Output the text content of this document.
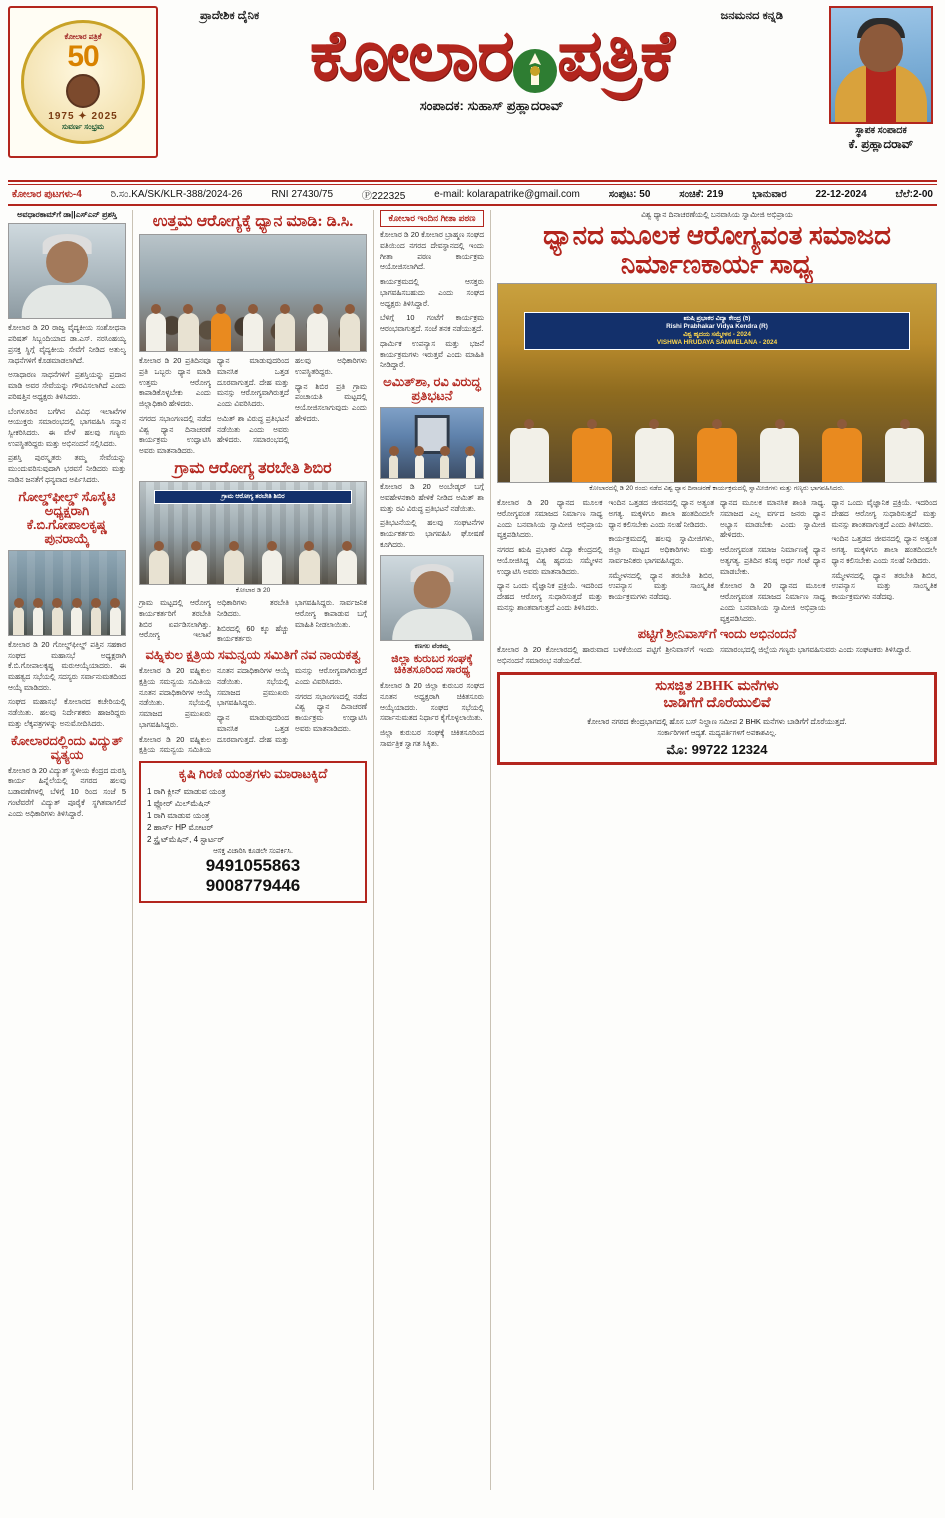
ಕೋಲಾರ ಪತ್ರಿಕೆ
50
1975 ✦ 2025
ಸುವರ್ಣ ಸಂಭ್ರಮ
ಪ್ರಾದೇಶಿಕ ದೈನಿಕ	ಜನಮನದ ಕನ್ನಡಿ
ಕೋಲಾರ ಪತ್ರಿಕೆ
ಸಂಪಾದಕ: ಸುಹಾಸ್ ಪ್ರಹ್ಲಾದರಾವ್
ಸ್ಥಾಪಕ ಸಂಪಾದಕ
ಕೆ. ಪ್ರಹ್ಲಾದರಾವ್
ಕೋಲಾರ ಪುಟಗಳು-4	ರಿ.ಸಂ.KA/SK/KLR-388/2024-26	RNI 27430/75	Ⓟ222325	e-mail: kolarapatrike@gmail.com	ಸಂಪುಟ: 50	ಸಂಚಿಕೆ: 219	ಭಾನುವಾರ	22-12-2024	ಬೆಲೆ:2-00
ಅವಧಾರಕಾಮ್‌ಗೆ ಡಾ||ಎಸ್‌ಎನ್ ಪ್ರಶಸ್ತಿ

ಕೋಲಾರ ಡಿ 20 ರಾಜ್ಯ ವೈದ್ಯಕೀಯ ಸಂಶೋಧನಾ ಪರಿಷತ್ ಸಿಬ್ಬಂದಿಯಾದ ಡಾ.ಎಸ್. ನರಸಿಂಹಯ್ಯ ಪ್ರಸಕ್ತ ಸ್ಥಿಗ್ಗೆ ವೈದ್ಯಕೀಯ ಸೇವೆಗೆ ನೀಡಿದ ಅತುಲ್ಯ ಸಾಧನೆಗಳಿಗೆ ಕೊಡಮಾಡಲಾಗಿದೆ.

ಅಸಾಧಾರಣ ಸಾಧನೆಗಳಿಗೆ ಪ್ರಶಸ್ತಿಯನ್ನು ಪ್ರದಾನ ಮಾಡಿ ಅವರ ಸೇವೆಯನ್ನು ಗೌರವಿಸಲಾಗಿದೆ ಎಂದು ಪರಿಷತ್ತಿನ ಅಧ್ಯಕ್ಷರು ತಿಳಿಸಿದರು.

ಬೆಂಗಳೂರಿನ ಬಗೆಗಿನ ವಿವಿಧ ಇಲಾಖೆಗಳ ಆಯುಕ್ತರು ಸಮಾರಂಭದಲ್ಲಿ ಭಾಗವಹಿಸಿ ಸನ್ಮಾನ ಸ್ವೀಕರಿಸಿದರು. ಈ ವೇಳೆ ಹಲವು ಗಣ್ಯರು ಉಪಸ್ಥಿತರಿದ್ದರು ಮತ್ತು ಅಭಿನಂದನೆ ಸಲ್ಲಿಸಿದರು.

ಪ್ರಶಸ್ತಿ ಪುರಸ್ಕೃತರು ತಮ್ಮ ಸೇವೆಯನ್ನು ಮುಂದುವರಿಸುವುದಾಗಿ ಭರವಸೆ ನೀಡಿದರು ಮತ್ತು ನಾಡಿನ ಜನತೆಗೆ ಧನ್ಯವಾದ ಅರ್ಪಿಸಿದರು.

ಗೋಲ್ಡ್‌ಫೀಲ್ಡ್ ಸೊಸೈಟಿ ಅಧ್ಯಕ್ಷರಾಗಿ ಕೆ.ಬಿ.ಗೋಪಾಲಕೃಷ್ಣ ಪುನರಾಯ್ಕೆ

ಕೋಲಾರ ಡಿ 20 ಗೋಲ್ಡ್‌ಫೀಲ್ಡ್ ಪತ್ತಿನ ಸಹಕಾರ ಸಂಘದ ಮಹಾಸಭೆ ಅಧ್ಯಕ್ಷರಾಗಿ ಕೆ.ಬಿ.ಗೋಪಾಲಕೃಷ್ಣ ಮರುಆಯ್ಕೆಯಾದರು. ಈ ಮಹತ್ವದ ಸಭೆಯಲ್ಲಿ ಸದಸ್ಯರು ಸರ್ವಾನುಮತದಿಂದ ಆಯ್ಕೆ ಮಾಡಿದರು.

ಸಂಘದ ಮಹಾಸಭೆ ಕೋಲಾರದ ಕಚೇರಿಯಲ್ಲಿ ನಡೆಯಿತು. ಹಲವು ನಿರ್ದೇಶಕರು ಹಾಜರಿದ್ದರು ಮತ್ತು ಲೆಕ್ಕಪತ್ರಗಳನ್ನು ಅನುಮೋದಿಸಿದರು.

ಕೋಲಾರದಲ್ಲಿಂದು ವಿದ್ಯುತ್ ವ್ಯತ್ಯಯ

ಕೋಲಾರ ಡಿ 20 ವಿದ್ಯುತ್ ಸ್ಥಳೀಯ ಕೆಂದ್ರದ ದುರಸ್ತಿ ಕಾರ್ಯ ಹಿನ್ನೆಲೆಯಲ್ಲಿ ನಗರದ ಹಲವು ಬಡಾವಣೆಗಳಲ್ಲಿ ಬೆಳಿಗ್ಗೆ 10 ರಿಂದ ಸಂಜೆ 5 ಗಂಟೆವರೆಗೆ ವಿದ್ಯುತ್ ಪೂರೈಕೆ ಸ್ಥಗಿತವಾಗಲಿದೆ ಎಂದು ಅಧಿಕಾರಿಗಳು ತಿಳಿಸಿದ್ದಾರೆ.

ಉತ್ತಮ ಆರೋಗ್ಯಕ್ಕೆ ಧ್ಯಾನ ಮಾಡಿ: ಡಿ.ಸಿ.

ಕೋಲಾರ ಡಿ 20 ಪ್ರತಿದಿನವೂ ಪ್ರತಿ ಒಬ್ಬರು ಧ್ಯಾನ ಮಾಡಿ ಉತ್ತಮ ಆರೋಗ್ಯ ಕಾಪಾಡಿಕೊಳ್ಳಬೇಕು ಎಂದು ಜಿಲ್ಲಾಧಿಕಾರಿ ಹೇಳಿದರು.

ನಗರದ ಸಭಾಂಗಣದಲ್ಲಿ ನಡೆದ ವಿಶ್ವ ಧ್ಯಾನ ದಿನಾಚರಣೆ ಕಾರ್ಯಕ್ರಮ ಉದ್ಘಾಟಿಸಿ ಅವರು ಮಾತನಾಡಿದರು.

ಧ್ಯಾನ ಮಾಡುವುದರಿಂದ ಮಾನಸಿಕ ಒತ್ತಡ ದೂರವಾಗುತ್ತದೆ. ದೇಹ ಮತ್ತು ಮನಸ್ಸು ಆರೋಗ್ಯವಾಗಿರುತ್ತದೆ ಎಂದು ವಿವರಿಸಿದರು.

ಅಮಿತ್ ಶಾ ವಿರುದ್ಧ ಪ್ರತಿಭಟನೆ ನಡೆಯಿತು ಎಂದು ಅವರು ಹೇಳಿದರು. ಸಮಾರಂಭದಲ್ಲಿ ಹಲವು ಅಧಿಕಾರಿಗಳು ಉಪಸ್ಥಿತರಿದ್ದರು.

ಧ್ಯಾನ ಶಿಬಿರ ಪ್ರತಿ ಗ್ರಾಮ ಪಂಚಾಯತಿ ಮಟ್ಟದಲ್ಲಿ ಆಯೋಜಿಸಲಾಗುವುದು ಎಂದು ಹೇಳಿದರು.

ಗ್ರಾಮ ಆರೋಗ್ಯ ತರಬೇತಿ ಶಿಬಿರ
ಗ್ರಾಮ ಆರೋಗ್ಯ ತರಬೇತಿ ಶಿಬಿರ
ಕೋಲಾರ ಡಿ 20

ಗ್ರಾಮ ಮಟ್ಟದಲ್ಲಿ ಆರೋಗ್ಯ ಕಾರ್ಯಕರ್ತರಿಗೆ ತರಬೇತಿ ಶಿಬಿರ ಏರ್ಪಡಿಸಲಾಗಿತ್ತು. ಆರೋಗ್ಯ ಇಲಾಖೆ ಅಧಿಕಾರಿಗಳು ತರಬೇತಿ ನೀಡಿದರು.

ಶಿಬಿರದಲ್ಲಿ 60 ಕ್ಕೂ ಹೆಚ್ಚು ಕಾರ್ಯಕರ್ತರು ಭಾಗವಹಿಸಿದ್ದರು. ಸಾರ್ವಜನಿಕ ಆರೋಗ್ಯ ಕಾಪಾಡುವ ಬಗ್ಗೆ ಮಾಹಿತಿ ನೀಡಲಾಯಿತು.

ವಹ್ನಿಕುಲ ಕ್ಷತ್ರಿಯ ಸಮನ್ವಯ ಸಮಿತಿಗೆ ನವ ನಾಯಕತ್ವ

ಕೋಲಾರ ಡಿ 20 ವಹ್ನಿಕುಲ ಕ್ಷತ್ರಿಯ ಸಮನ್ವಯ ಸಮಿತಿಯ ನೂತನ ಪದಾಧಿಕಾರಿಗಳ ಆಯ್ಕೆ ನಡೆಯಿತು. ಸಭೆಯಲ್ಲಿ ಸಮಾಜದ ಪ್ರಮುಖರು ಭಾಗವಹಿಸಿದ್ದರು.

ಕೋಲಾರ ಡಿ 20 ವಹ್ನಿಕುಲ ಕ್ಷತ್ರಿಯ ಸಮನ್ವಯ ಸಮಿತಿಯ ನೂತನ ಪದಾಧಿಕಾರಿಗಳ ಆಯ್ಕೆ ನಡೆಯಿತು. ಸಭೆಯಲ್ಲಿ ಸಮಾಜದ ಪ್ರಮುಖರು ಭಾಗವಹಿಸಿದ್ದರು.

ಧ್ಯಾನ ಮಾಡುವುದರಿಂದ ಮಾನಸಿಕ ಒತ್ತಡ ದೂರವಾಗುತ್ತದೆ. ದೇಹ ಮತ್ತು ಮನಸ್ಸು ಆರೋಗ್ಯವಾಗಿರುತ್ತದೆ ಎಂದು ವಿವರಿಸಿದರು.

ನಗರದ ಸಭಾಂಗಣದಲ್ಲಿ ನಡೆದ ವಿಶ್ವ ಧ್ಯಾನ ದಿನಾಚರಣೆ ಕಾರ್ಯಕ್ರಮ ಉದ್ಘಾಟಿಸಿ ಅವರು ಮಾತನಾಡಿದರು.

ಕೃಷಿ ಗಿರಣಿ ಯಂತ್ರಗಳು ಮಾರಾಟಕ್ಕಿದೆ
1 ರಾಗಿ ಕ್ಲೀನ್ ಮಾಡುವ ಯಂತ್ರ
1 ಫ್ಲೋರ್ ಮಿಲ್‌ಮೆಷಿನ್
1 ರಾಗಿ ಮಾಡುವ ಯಂತ್ರ
2 ಹಾರ್ಸ್ HP ಮೋಟರ್
2 ಸ್ಟ್ರೈಟ್‌ಮೆಷಿನ್, 4 ಸ್ಟಾರ್ಟರ್
ಆಸಕ್ತ ವಿಚಾರಿಸಿ ಕೂಡಲೇ ಸಂಪರ್ಕಿಸಿ.
9491055863
9008779446
ಕೋಲಾರ ಇಂದಿನ ಗೀತಾ ಪಠಣ

ಕೋಲಾರ ಡಿ 20 ಕೋಲಾರ ಬ್ರಾಹ್ಮಣ ಸಂಘದ ವತಿಯಿಂದ ನಗರದ ದೇವಸ್ಥಾನದಲ್ಲಿ ಇಂದು ಗೀತಾ ಪಠಣ ಕಾರ್ಯಕ್ರಮ ಆಯೋಜಿಸಲಾಗಿದೆ.

ಕಾರ್ಯಕ್ರಮದಲ್ಲಿ ಆಸಕ್ತರು ಭಾಗವಹಿಸಬಹುದು ಎಂದು ಸಂಘದ ಅಧ್ಯಕ್ಷರು ತಿಳಿಸಿದ್ದಾರೆ.

ಬೆಳಿಗ್ಗೆ 10 ಗಂಟೆಗೆ ಕಾರ್ಯಕ್ರಮ ಆರಂಭವಾಗುತ್ತದೆ. ಸಂಜೆ ತನಕ ನಡೆಯುತ್ತದೆ.

ಧಾರ್ಮಿಕ ಉಪನ್ಯಾಸ ಮತ್ತು ಭಜನೆ ಕಾರ್ಯಕ್ರಮಗಳು ಇರುತ್ತವೆ ಎಂದು ಮಾಹಿತಿ ನೀಡಿದ್ದಾರೆ.

ಅಮಿತ್‌ಶಾ, ರವಿ ವಿರುದ್ಧ ಪ್ರತಿಭಟನೆ

ಕೋಲಾರ ಡಿ 20 ಅಂಬೇಡ್ಕರ್ ಬಗ್ಗೆ ಅವಹೇಳನಕಾರಿ ಹೇಳಿಕೆ ನೀಡಿದ ಅಮಿತ್ ಶಾ ಮತ್ತು ರವಿ ವಿರುದ್ಧ ಪ್ರತಿಭಟನೆ ನಡೆಯಿತು.

ಪ್ರತಿಭಟನೆಯಲ್ಲಿ ಹಲವು ಸಂಘಟನೆಗಳ ಕಾರ್ಯಕರ್ತರು ಭಾಗವಹಿಸಿ ಘೋಷಣೆ ಕೂಗಿದರು.

ಕಣಗಲ ವೆಂಕಮ್ಮ
ಜಿಲ್ಲಾ ಕುರುಬರ ಸಂಘಕ್ಕೆ ಚಿಕಿತಸೂರಿಂದ ಸಾರಥ್ಯ

ಕೋಲಾರ ಡಿ 20 ಜಿಲ್ಲಾ ಕುರುಬರ ಸಂಘದ ನೂತನ ಅಧ್ಯಕ್ಷರಾಗಿ ಚಿಕಿತಸೂರು ಆಯ್ಕೆಯಾದರು. ಸಂಘದ ಸಭೆಯಲ್ಲಿ ಸರ್ವಾನುಮತದ ನಿರ್ಧಾರ ಕೈಗೊಳ್ಳಲಾಯಿತು.

ಜಿಲ್ಲಾ ಕುರುಬರ ಸಂಘಕ್ಕೆ ಚಿಕಿತಸೂರಿಂದ ಸಾರ್ವತ್ರಿಕ ಸ್ವಾಗತ ಸಿಕ್ಕಿತು.

ವಿಶ್ವ ಧ್ಯಾನ ದಿನಾಚರಣೆಯಲ್ಲಿ ಬನವಾಸಿಯ ಸ್ವಾಮೀಜಿ ಅಭಿಪ್ರಾಯ
ಧ್ಯಾನದ ಮೂಲಕ ಆರೋಗ್ಯವಂತ ಸಮಾಜದ ನಿರ್ಮಾಣಕಾರ್ಯ ಸಾಧ್ಯ
ಋಷಿ ಪ್ರಭಾಕರ ವಿದ್ಯಾ ಕೇಂದ್ರ (ರಿ)
Rishi Prabhakar Vidya Kendra (R)
ವಿಶ್ವ ಹೃದಯ ಸಮ್ಮೇಳನ - 2024
VISHWA HRUDAYA SAMMELANA - 2024
ಕೋಲಾರದಲ್ಲಿ ಡಿ 20 ರಂದು ನಡೆದ ವಿಶ್ವ ಧ್ಯಾನ ದಿನಾಚರಣೆ ಕಾರ್ಯಕ್ರಮದಲ್ಲಿ ಸ್ವಾಮೀಜಿಗಳು ಮತ್ತು ಗಣ್ಯರು ಭಾಗವಹಿಸಿದರು.

ಕೋಲಾರ ಡಿ 20 ಧ್ಯಾನದ ಮೂಲಕ ಆರೋಗ್ಯವಂತ ಸಮಾಜದ ನಿರ್ಮಾಣ ಸಾಧ್ಯ ಎಂದು ಬನವಾಸಿಯ ಸ್ವಾಮೀಜಿ ಅಭಿಪ್ರಾಯ ವ್ಯಕ್ತಪಡಿಸಿದರು.

ನಗರದ ಋಷಿ ಪ್ರಭಾಕರ ವಿದ್ಯಾ ಕೇಂದ್ರದಲ್ಲಿ ಆಯೋಜಿಸಿದ್ದ ವಿಶ್ವ ಹೃದಯ ಸಮ್ಮೇಳನ ಉದ್ಘಾಟಿಸಿ ಅವರು ಮಾತನಾಡಿದರು.

ಧ್ಯಾನ ಒಂದು ವೈಜ್ಞಾನಿಕ ಪ್ರಕ್ರಿಯೆ. ಇದರಿಂದ ದೇಹದ ಆರೋಗ್ಯ ಸುಧಾರಿಸುತ್ತದೆ ಮತ್ತು ಮನಸ್ಸು ಶಾಂತವಾಗುತ್ತದೆ ಎಂದು ತಿಳಿಸಿದರು.

ಇಂದಿನ ಒತ್ತಡದ ಜೀವನದಲ್ಲಿ ಧ್ಯಾನ ಅತ್ಯಂತ ಅಗತ್ಯ. ಮಕ್ಕಳಿಗೂ ಶಾಲಾ ಹಂತದಿಂದಲೇ ಧ್ಯಾನ ಕಲಿಸಬೇಕು ಎಂದು ಸಲಹೆ ನೀಡಿದರು.

ಕಾರ್ಯಕ್ರಮದಲ್ಲಿ ಹಲವು ಸ್ವಾಮೀಜಿಗಳು, ಜಿಲ್ಲಾ ಮಟ್ಟದ ಅಧಿಕಾರಿಗಳು ಮತ್ತು ಸಾರ್ವಜನಿಕರು ಭಾಗವಹಿಸಿದ್ದರು.

ಸಮ್ಮೇಳನದಲ್ಲಿ ಧ್ಯಾನ ತರಬೇತಿ ಶಿಬಿರ, ಉಪನ್ಯಾಸ ಮತ್ತು ಸಾಂಸ್ಕೃತಿಕ ಕಾರ್ಯಕ್ರಮಗಳು ನಡೆದವು.

ಧ್ಯಾನದ ಮೂಲಕ ಮಾನಸಿಕ ಶಾಂತಿ ಸಾಧ್ಯ. ಸಮಾಜದ ಎಲ್ಲ ವರ್ಗದ ಜನರು ಧ್ಯಾನ ಅಭ್ಯಾಸ ಮಾಡಬೇಕು ಎಂದು ಸ್ವಾಮೀಜಿ ಹೇಳಿದರು.

ಆರೋಗ್ಯವಂತ ಸಮಾಜ ನಿರ್ಮಾಣಕ್ಕೆ ಧ್ಯಾನ ಅತ್ಯಗತ್ಯ. ಪ್ರತಿದಿನ ಕನಿಷ್ಠ ಅರ್ಧ ಗಂಟೆ ಧ್ಯಾನ ಮಾಡಬೇಕು.

ಕೋಲಾರ ಡಿ 20 ಧ್ಯಾನದ ಮೂಲಕ ಆರೋಗ್ಯವಂತ ಸಮಾಜದ ನಿರ್ಮಾಣ ಸಾಧ್ಯ ಎಂದು ಬನವಾಸಿಯ ಸ್ವಾಮೀಜಿ ಅಭಿಪ್ರಾಯ ವ್ಯಕ್ತಪಡಿಸಿದರು.

ಧ್ಯಾನ ಒಂದು ವೈಜ್ಞಾನಿಕ ಪ್ರಕ್ರಿಯೆ. ಇದರಿಂದ ದೇಹದ ಆರೋಗ್ಯ ಸುಧಾರಿಸುತ್ತದೆ ಮತ್ತು ಮನಸ್ಸು ಶಾಂತವಾಗುತ್ತದೆ ಎಂದು ತಿಳಿಸಿದರು.

ಇಂದಿನ ಒತ್ತಡದ ಜೀವನದಲ್ಲಿ ಧ್ಯಾನ ಅತ್ಯಂತ ಅಗತ್ಯ. ಮಕ್ಕಳಿಗೂ ಶಾಲಾ ಹಂತದಿಂದಲೇ ಧ್ಯಾನ ಕಲಿಸಬೇಕು ಎಂದು ಸಲಹೆ ನೀಡಿದರು.

ಸಮ್ಮೇಳನದಲ್ಲಿ ಧ್ಯಾನ ತರಬೇತಿ ಶಿಬಿರ, ಉಪನ್ಯಾಸ ಮತ್ತು ಸಾಂಸ್ಕೃತಿಕ ಕಾರ್ಯಕ್ರಮಗಳು ನಡೆದವು.

ಪಟ್ಟಿಗೆ ಶ್ರೀನಿವಾಸ್‌ಗೆ ಇಂದು ಅಭಿನಂದನೆ

ಕೋಲಾರ ಡಿ 20 ಕೋಲಾರದಲ್ಲಿ ಹಾರುವಾದ ಬಳಕೆಯಿಂದ ಪಟ್ಟಿಗೆ ಶ್ರೀನಿವಾಸ್‌ಗೆ ಇಂದು ಅಭಿನಂದನೆ ಸಮಾರಂಭ ನಡೆಯಲಿದೆ.

ಸಮಾರಂಭದಲ್ಲಿ ಜಿಲ್ಲೆಯ ಗಣ್ಯರು ಭಾಗವಹಿಸುವರು ಎಂದು ಸಂಘಟಕರು ತಿಳಿಸಿದ್ದಾರೆ.

ಸುಸಜ್ಜಿತ 2BHK ಮನೆಗಳು
ಬಾಡಿಗೆಗೆ ದೊರೆಯುಲಿವೆ
ಕೋಲಾರ ನಗರದ ಕೇಂದ್ರಭಾಗದಲ್ಲಿ ಹೊಸ ಬಸ್ ನಿಲ್ದಾಣ ಸಮೀಪ 2 BHK ಮನೆಗಳು ಬಾಡಿಗೆಗೆ ದೊರೆಯುತ್ತದೆ.
ಸಂರ್ಕಾರಿಗಳಿಗೆ ಆದ್ಯತೆ. ಮದ್ಯವರ್ತಿಗಳಿಗೆ ಅವಕಾಶವಿಲ್ಲ.
ಮೊ: 99722 12324
